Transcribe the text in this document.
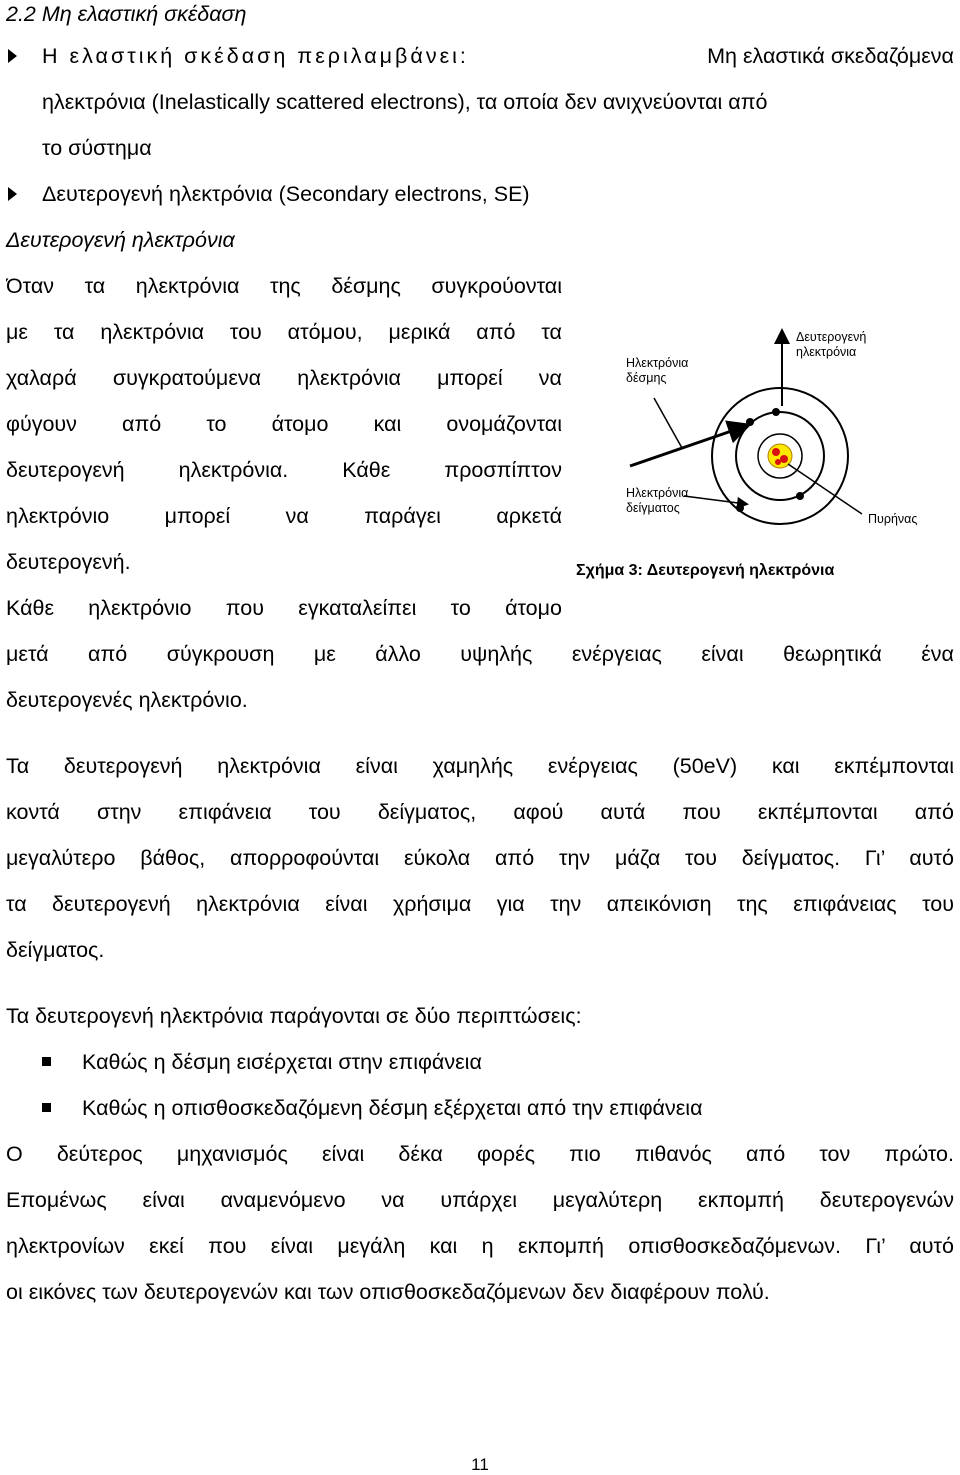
2.2 Μη ελαστική σκέδαση
Η ελαστική σκέδαση περιλαμβάνει:	Μη ελαστικά σκεδαζόμενα
ηλεκτρόνια (Inelastically scattered electrons), τα οποία δεν ανιχνεύονται από
το σύστημα
Δευτερογενή ηλεκτρόνια (Secondary electrons, SE)
Δευτερογενή ηλεκτρόνια
Όταν τα ηλεκτρόνια της δέσμης συγκρούονται
με τα ηλεκτρόνια του ατόμου, μερικά από τα
χαλαρά συγκρατούμενα ηλεκτρόνια μπορεί να
φύγουν από το άτομο και ονομάζονται
δευτερογενή ηλεκτρόνια. Κάθε προσπίπτον
ηλεκτρόνιο μπορεί να παράγει αρκετά
δευτερογενή.
Κάθε ηλεκτρόνιο που εγκαταλείπει το άτομο
μετά από σύγκρουση με άλλο υψηλής ενέργειας είναι θεωρητικά ένα
δευτερογενές ηλεκτρόνιο.
Ηλεκτρόνια
δέσμης
Δευτερογενή
ηλεκτρόνια
Ηλεκτρόνια
δείγματος
Πυρήνας
Σχήμα 3: Δευτερογενή ηλεκτρόνια
Τα δευτερογενή ηλεκτρόνια είναι χαμηλής ενέργειας (50eV) και εκπέμπονται
κοντά στην επιφάνεια του δείγματος, αφού αυτά που εκπέμπονται από
μεγαλύτερο βάθος, απορροφούνται εύκολα από την μάζα του δείγματος. Γι’ αυτό
τα δευτερογενή ηλεκτρόνια είναι χρήσιμα για την απεικόνιση της επιφάνειας του
δείγματος.
Τα δευτερογενή ηλεκτρόνια παράγονται σε δύο περιπτώσεις:
Καθώς η δέσμη εισέρχεται στην επιφάνεια
Καθώς η οπισθοσκεδαζόμενη δέσμη εξέρχεται από την επιφάνεια
Ο δεύτερος μηχανισμός είναι δέκα φορές πιο πιθανός από τον πρώτο.
Επομένως είναι αναμενόμενο να υπάρχει μεγαλύτερη εκπομπή δευτερογενών
ηλεκτρονίων εκεί που είναι μεγάλη και η εκπομπή οπισθοσκεδαζόμενων. Γι’ αυτό
οι εικόνες των δευτερογενών και των οπισθοσκεδαζόμενων δεν διαφέρουν πολύ.
11
